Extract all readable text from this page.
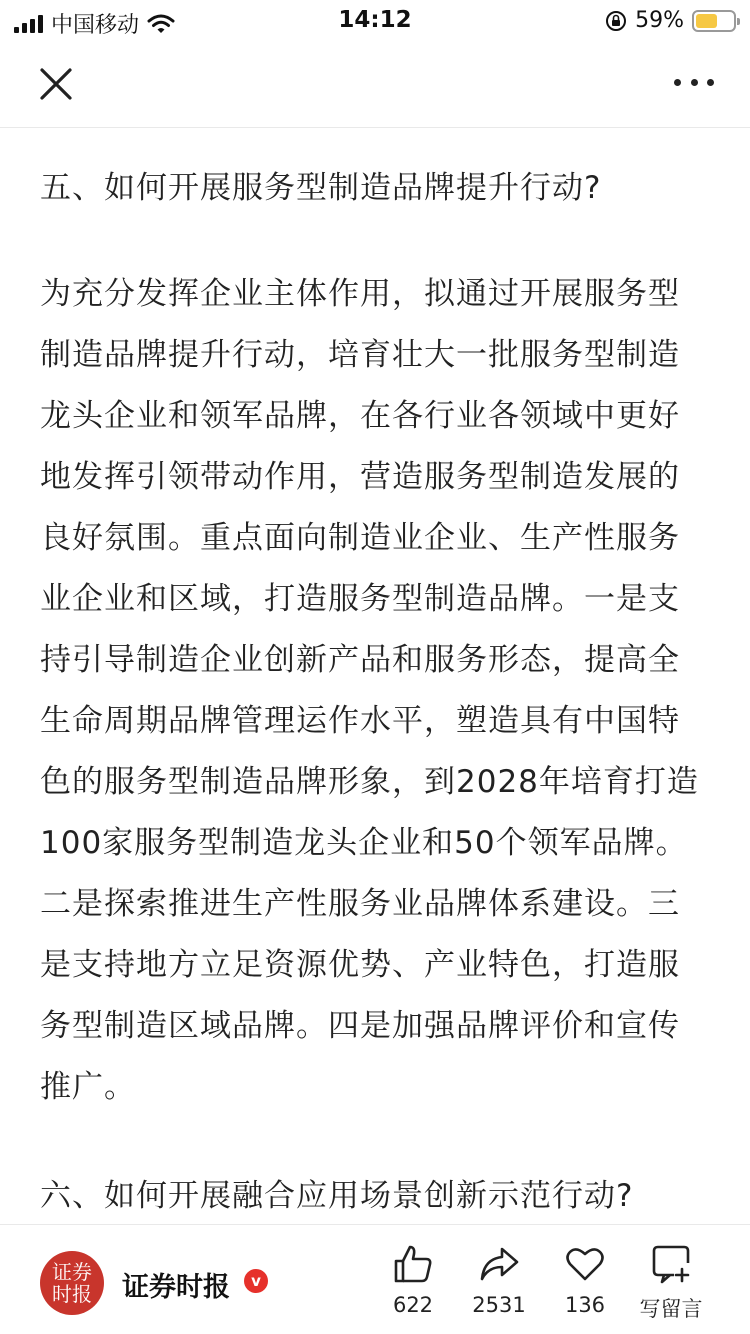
中国移动	14:12	59%

五、如何开展服务型制造品牌提升行动?

为充分发挥企业主体作用，拟通过开展服务型制造品牌提升行动，培育壮大一批服务型制造龙头企业和领军品牌，在各行业各领域中更好地发挥引领带动作用，营造服务型制造发展的良好氛围。重点面向制造业企业、生产性服务业企业和区域，打造服务型制造品牌。一是支持引导制造企业创新产品和服务形态，提高全生命周期品牌管理运作水平，塑造具有中国特色的服务型制造品牌形象，到2028年培育打造100家服务型制造龙头企业和50个领军品牌。二是探索推进生产性服务业品牌体系建设。三是支持地方立足资源优势、产业特色，打造服务型制造区域品牌。四是加强品牌评价和宣传推广。

六、如何开展融合应用场景创新示范行动?

证券时报 证券时报	v
622	2531	136	写留言
